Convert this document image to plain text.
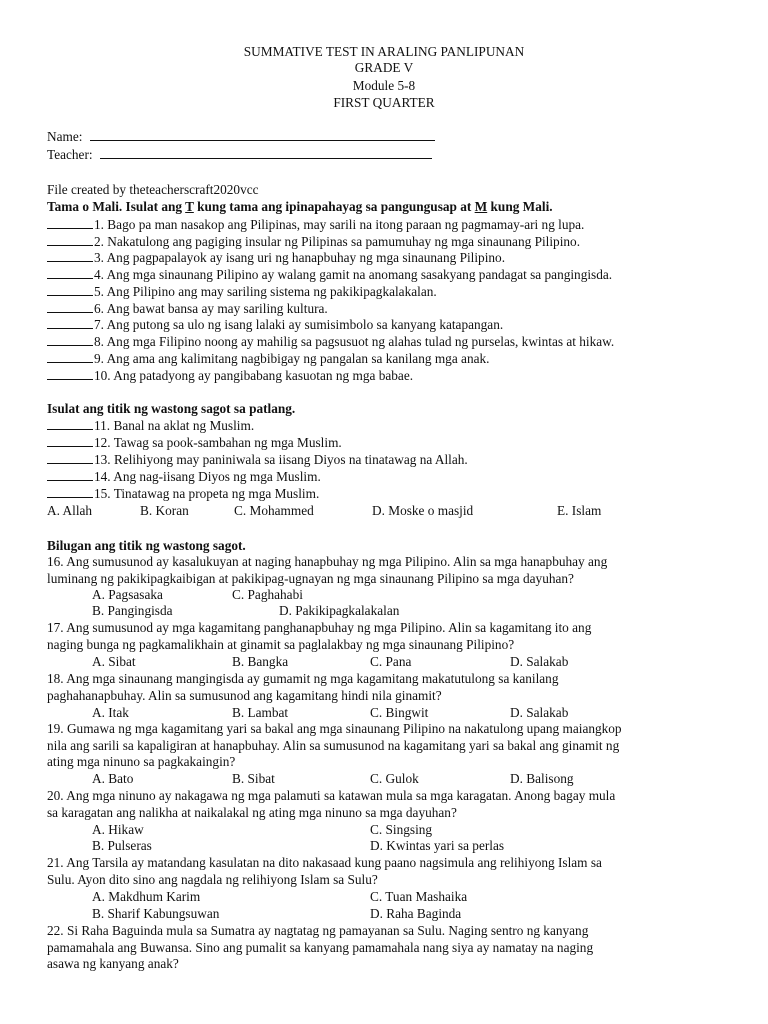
SUMMATIVE TEST IN ARALING PANLIPUNAN
GRADE V
Module 5-8
FIRST QUARTER
Name:
Teacher:
File created by theteacherscraft2020vcc
Tama o Mali. Isulat ang T kung tama ang ipinapahayag sa pangungusap at M kung Mali.
1. Bago pa man nasakop ang Pilipinas, may sarili na itong paraan ng pagmamay-ari ng lupa.
2. Nakatulong ang pagiging insular ng Pilipinas sa pamumuhay ng mga sinaunang Pilipino.
3. Ang pagpapalayok ay isang uri ng hanapbuhay ng mga sinaunang Pilipino.
4. Ang mga sinaunang Pilipino ay walang gamit na anomang sasakyang pandagat sa pangingisda.
5. Ang Pilipino ang may sariling sistema ng pakikipagkalakalan.
6. Ang bawat bansa ay may sariling kultura.
7. Ang putong sa ulo ng isang lalaki ay sumisimbolo sa kanyang katapangan.
8. Ang mga Filipino noong ay mahilig sa pagsusuot ng alahas tulad ng purselas, kwintas at hikaw.
9. Ang ama ang kalimitang nagbibigay ng pangalan sa kanilang mga anak.
10. Ang patadyong ay pangibabang kasuotan ng mga babae.
Isulat ang titik ng wastong sagot sa patlang.
11. Banal na aklat ng Muslim.
12. Tawag sa pook-sambahan ng mga Muslim.
13. Relihiyong may paniniwala sa iisang Diyos na tinatawag na Allah.
14. Ang nag-iisang Diyos ng mga Muslim.
15. Tinatawag na propeta ng mga Muslim.
A. Allah	B. Koran	C. Mohammed	D. Moske o masjid	E. Islam
Bilugan ang titik ng wastong sagot.
16. Ang sumusunod ay kasalukuyan at naging hanapbuhay ng mga Pilipino. Alin sa mga hanapbuhay ang
luminang ng pakikipagkaibigan at pakikipag-ugnayan ng mga sinaunang Pilipino sa mga dayuhan?
A. Pagsasaka	C. Paghahabi
B. Pangingisda	D. Pakikipagkalakalan
17. Ang sumusunod ay mga kagamitang panghanapbuhay ng mga Pilipino. Alin sa kagamitang ito ang
naging bunga ng pagkamalikhain at ginamit sa paglalakbay ng mga sinaunang Pilipino?
A. Sibat	B. Bangka	C. Pana	D. Salakab
18. Ang mga sinaunang mangingisda ay gumamit ng mga kagamitang makatutulong sa kanilang
paghahanapbuhay. Alin sa sumusunod ang kagamitang hindi nila ginamit?
A. Itak	B. Lambat	C. Bingwit	D. Salakab
19. Gumawa ng mga kagamitang yari sa bakal ang mga sinaunang Pilipino na nakatulong upang maiangkop
nila ang sarili sa kapaligiran at hanapbuhay. Alin sa sumusunod na kagamitang yari sa bakal ang ginamit ng
ating mga ninuno sa pagkakaingin?
A. Bato	B. Sibat	C. Gulok	D. Balisong
20. Ang mga ninuno ay nakagawa ng mga palamuti sa katawan mula sa mga karagatan. Anong bagay mula
sa karagatan ang nalikha at naikalakal ng ating mga ninuno sa mga dayuhan?
A. Hikaw	C. Singsing
B. Pulseras	D. Kwintas yari sa perlas
21. Ang Tarsila ay matandang kasulatan na dito nakasaad kung paano nagsimula ang relihiyong Islam sa
Sulu. Ayon dito sino ang nagdala ng relihiyong Islam sa Sulu?
A. Makdhum Karim	C. Tuan Mashaika
B. Sharif Kabungsuwan	D. Raha Baginda
22. Si Raha Baguinda mula sa Sumatra ay nagtatag ng pamayanan sa Sulu. Naging sentro ng kanyang
pamamahala ang Buwansa. Sino ang pumalit sa kanyang pamamahala nang siya ay namatay na naging
asawa ng kanyang anak?
